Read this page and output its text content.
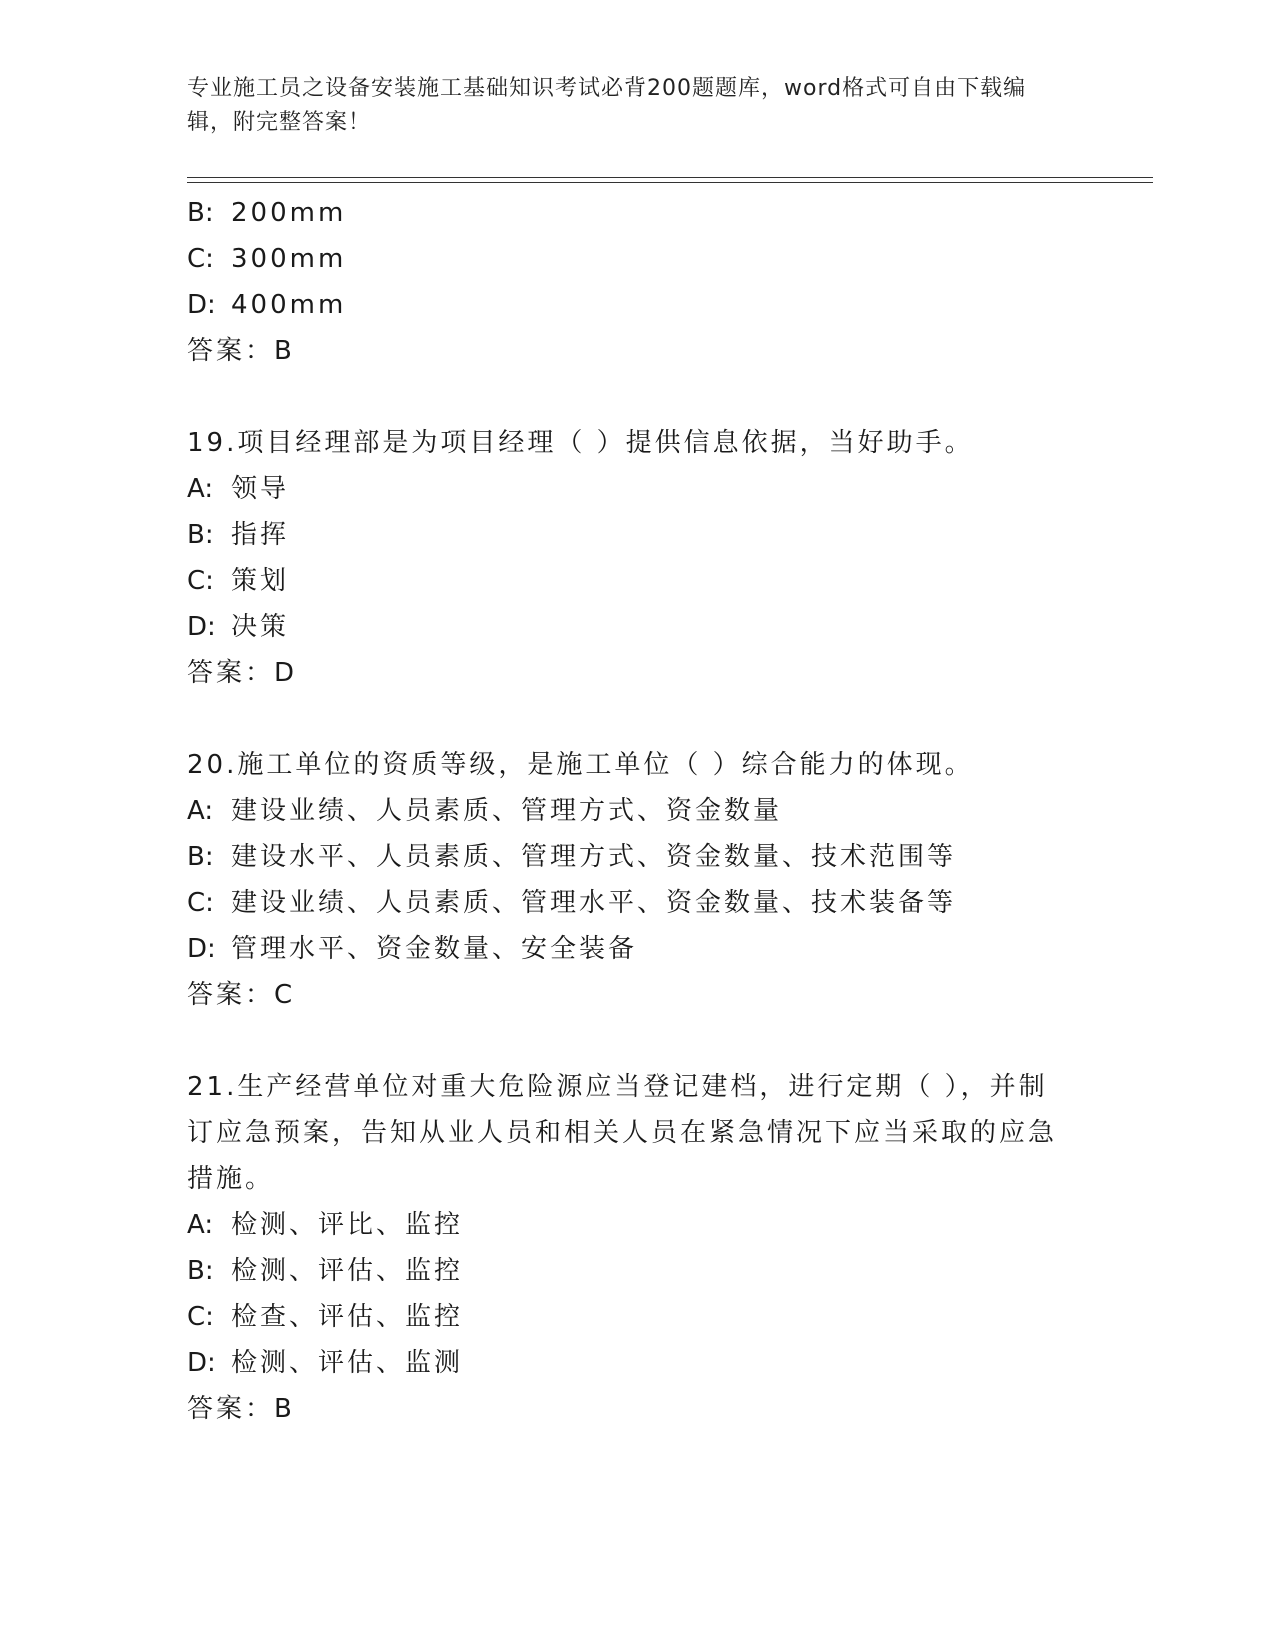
专业施工员之设备安装施工基础知识考试必背200题题库，word格式可自由下载编辑，附完整答案！
B: 200mm
C: 300mm
D: 400mm
答案：B
19.项目经理部是为项目经理（ ）提供信息依据，当好助手。
A: 领导
B: 指挥
C: 策划
D: 决策
答案：D
20.施工单位的资质等级，是施工单位（ ）综合能力的体现。
A: 建设业绩、人员素质、管理方式、资金数量
B: 建设水平、人员素质、管理方式、资金数量、技术范围等
C: 建设业绩、人员素质、管理水平、资金数量、技术装备等
D: 管理水平、资金数量、安全装备
答案：C
21.生产经营单位对重大危险源应当登记建档，进行定期（ ），并制订应急预案，告知从业人员和相关人员在紧急情况下应当采取的应急措施。
A: 检测、评比、监控
B: 检测、评估、监控
C: 检查、评估、监控
D: 检测、评估、监测
答案：B
